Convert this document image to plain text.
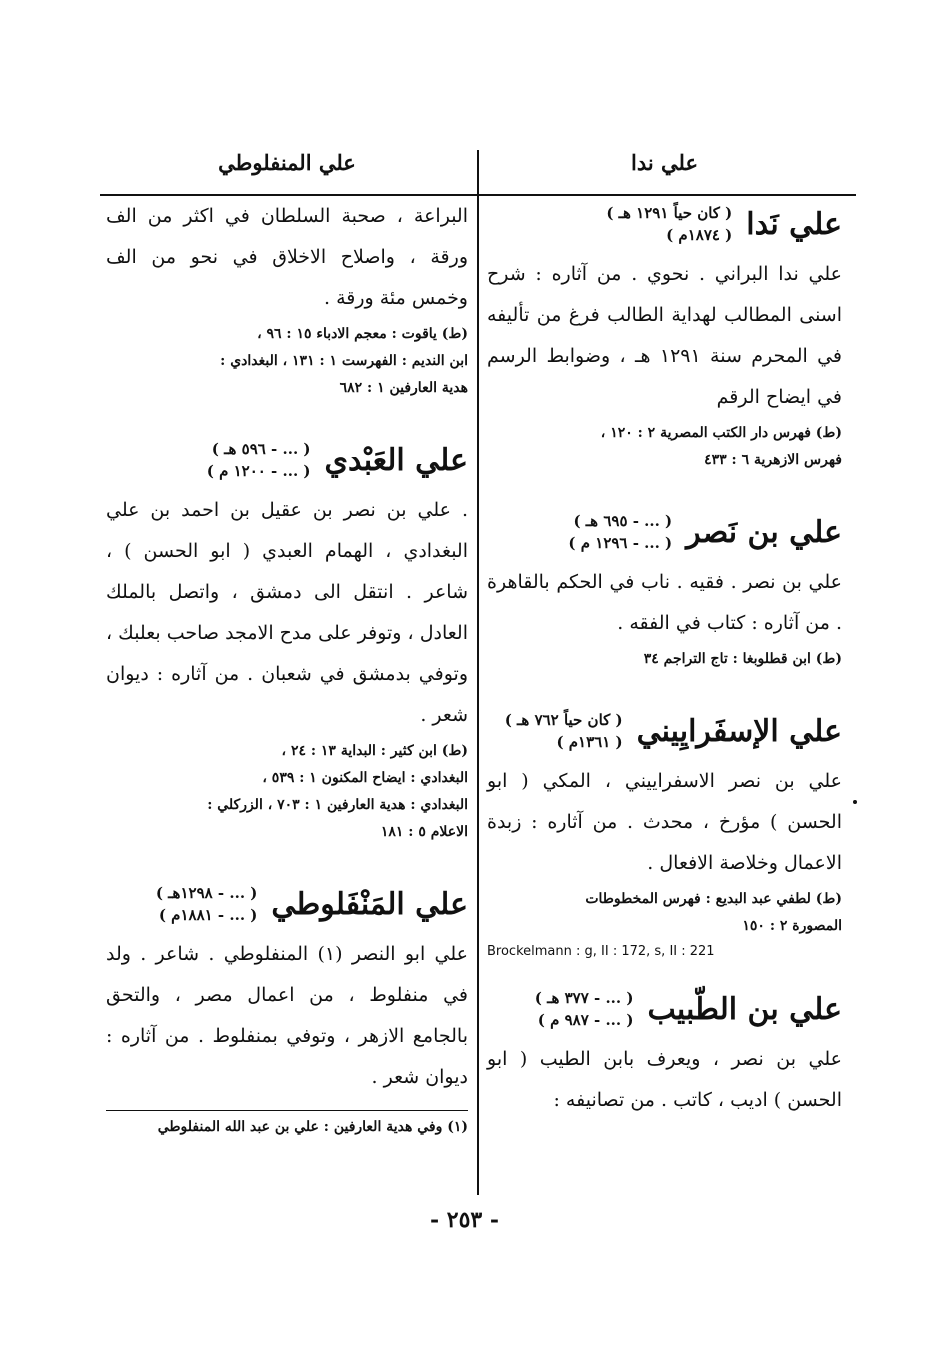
علي ندا
علي المنفلوطي
علي نَدا
( كان حياً ١٢٩١ هـ )
( ١٨٧٤م )

علي ندا البراني . نحوي . من آثاره : شرح اسنى المطالب لهداية الطالب فرغ من تأليفه في المحرم سنة ١٢٩١ هـ ، وضوابط الرسم في ايضاح الرقم

(ط) فهرس دار الكتب المصرية ٢ : ١٢٠ ،
فهرس الازهرية ٦ : ٤٣٣
علي بن نَصر
( ... - ٦٩٥ هـ )
( ... - ١٢٩٦ م )

علي بن نصر . فقيه . ناب في الحكم بالقاهرة . من آثاره : كتاب في الفقه .

(ط) ابن قطلوبغا : تاج التراجم ٣٤
علي الإسفَرايِيني
( كان حياً ٧٦٢ هـ )
( ١٣٦١م )

علي بن نصر الاسفراييني ، المكي ( ابو الحسن ) مؤرخ ، محدث . من آثاره : زبدة الاعمال وخلاصة الافعال .

(ط) لطفي عبد البديع : فهرس المخطوطات
المصورة ٢ : ١٥٠
Brockelmann : g, II : 172, s, II : 221
علي بن الطّبيب
( ... - ٣٧٧ هـ )
( ... - ٩٨٧ م )

علي بن نصر ، ويعرف بابن الطيب ( ابو الحسن ) اديب ، كاتب . من تصانيفه :

البراعة ، صحبة السلطان في اكثر من الف ورقة ، واصلاح الاخلاق في نحو من الف وخمس مئة ورقة .

(ط) ياقوت : معجم الادباء ١٥ : ٩٦ ،
ابن النديم : الفهرست ١ : ١٣١ ، البغدادي :
هدية العارفين ١ : ٦٨٢
علي العَبْدي
( ... - ٥٩٦ هـ )
( ... - ١٢٠٠ م )

. علي بن نصر بن عقيل بن احمد بن علي البغدادي ، الهمام العبدي ( ابو الحسن ) ، شاعر . انتقل الى دمشق ، واتصل بالملك العادل ، وتوفر على مدح الامجد صاحب بعلبك ، وتوفي بدمشق في شعبان . من آثاره : ديوان شعر .

(ط) ابن كثير : البداية ١٣ : ٢٤ ،
البغدادي : ايضاح المكنون ١ : ٥٣٩ ،
البغدادي : هدية العارفين ١ : ٧٠٣ ، الزركلي :
الاعلام ٥ : ١٨١
علي المَنْفَلوطي
( ... - ١٢٩٨هـ )
( ... - ١٨٨١م )

علي ابو النصر (١) المنفلوطي . شاعر . ولد في منفلوط ، من اعمال مصر ، والتحق بالجامع الازهر ، وتوفي بمنفلوط . من آثاره : ديوان شعر .

(١) وفي هدية العارفين : علي بن عبد الله المنفلوطي
- ٢٥٣ -
